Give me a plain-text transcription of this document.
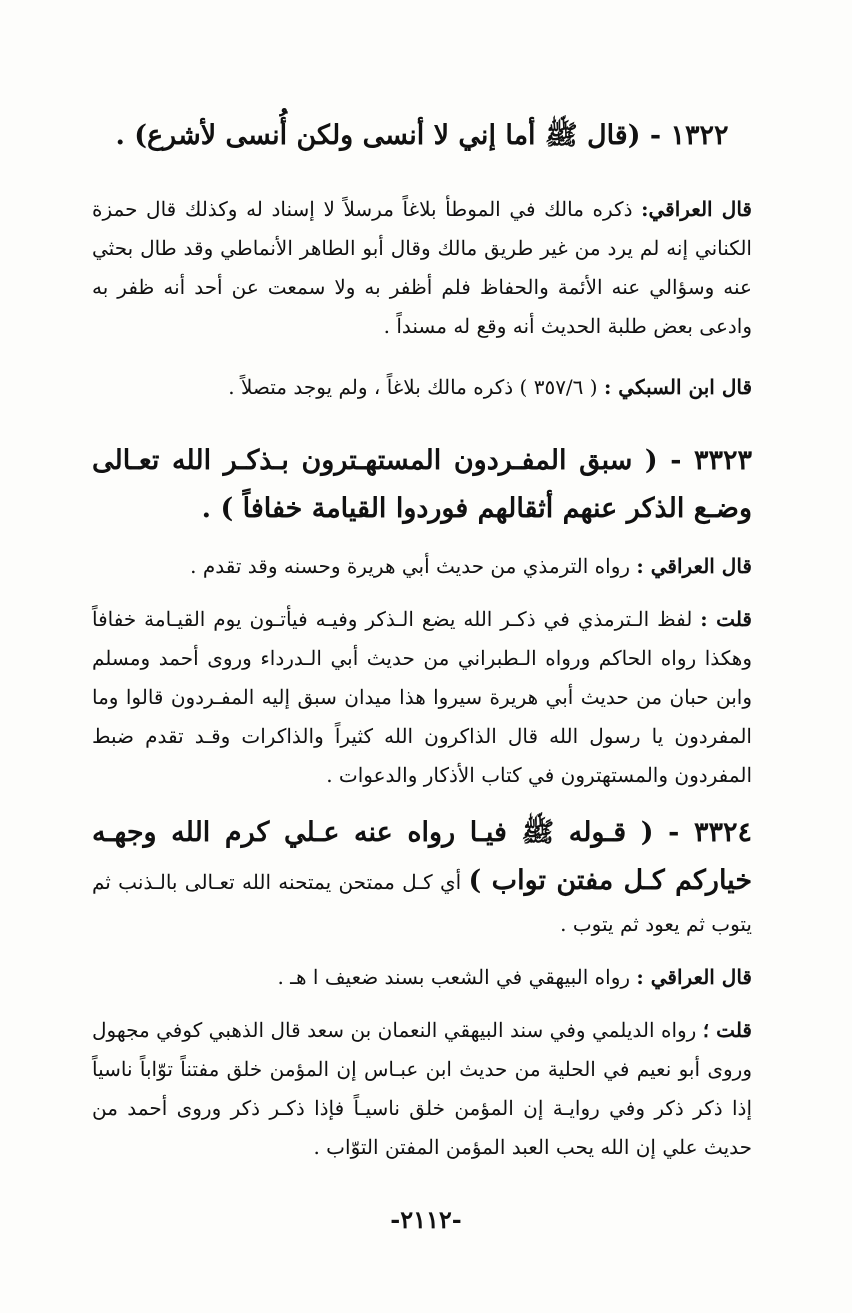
١٣٢٢ - (قال ﷺ أما إني لا أنسى ولكن أُنسى لأشرع) .

قال العراقي: ذكره مالك في الموطأ بلاغاً مرسلاً لا إسناد له وكذلك قال حمزة الكناني إنه لم يرد من غير طريق مالك وقال أبو الطاهر الأنماطي وقد طال بحثي عنه وسؤالي عنه الأئمة والحفاظ فلم أظفر به ولا سمعت عن أحد أنه ظفر به وادعى بعض طلبة الحديث أنه وقع له مسنداً .

قال ابن السبكي : ( ٣٥٧/٦ ) ذكره مالك بلاغاً ، ولم يوجد متصلاً .

٣٣٢٣ - ( سبق المفـردون المستهـترون بـذكـر الله تعـالى وضـع الذكر عنهم أثقالهم فوردوا القيامة خفافاً ) .

قال العراقي : رواه الترمذي من حديث أبي هريرة وحسنه وقد تقدم .

قلت : لفظ الـترمذي في ذكـر الله يضع الـذكر وفيـه فيأتـون يوم القيـامة خفافاً وهكذا رواه الحاكم ورواه الـطبراني من حديث أبي الـدرداء وروى أحمد ومسلم وابن حبان من حديث أبي هريرة سيروا هذا ميدان سبق إليه المفـردون قالوا وما المفردون يا رسول الله قال الذاكرون الله كثيراً والذاكرات وقـد تقدم ضبط المفردون والمستهترون في كتاب الأذكار والدعوات .

٣٣٢٤ - ( قـوله ﷺ فيـا رواه عنه عـلي كرم الله وجهـه خياركم كـل مفتن تواب ) أي كـل ممتحن يمتحنه الله تعـالى بالـذنب ثم يتوب ثم يعود ثم يتوب .

قال العراقي : رواه البيهقي في الشعب بسند ضعيف ا هـ .

قلت ؛ رواه الديلمي وفي سند البيهقي النعمان بن سعد قال الذهبي كوفي مجهول وروى أبو نعيم في الحلية من حديث ابن عبـاس إن المؤمن خلق مفتناً توّاباً ناسياً إذا ذكر ذكر وفي روايـة إن المؤمن خلق ناسيـاً فإذا ذكـر ذكر وروى أحمد من حديث علي إن الله يحب العبد المؤمن المفتن التوّاب .

-٢١١٢-
